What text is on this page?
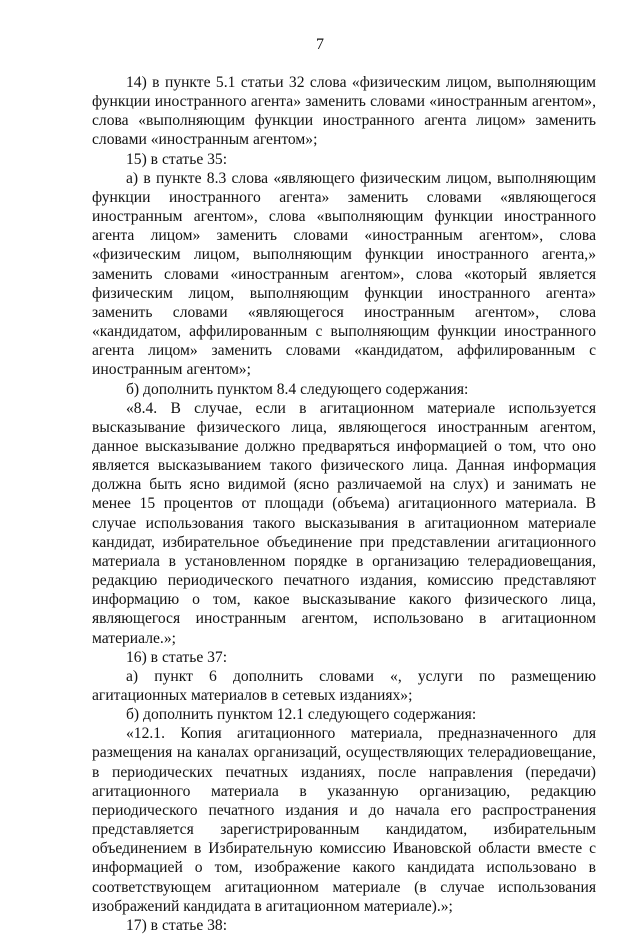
7

14) в пункте 5.1 статьи 32 слова «физическим лицом, выполняющим функции иностранного агента» заменить словами «иностранным агентом», слова «выполняющим функции иностранного агента лицом» заменить словами «иностранным агентом»;

15) в статье 35:

а) в пункте 8.3 слова «являющего физическим лицом, выполняющим функции иностранного агента» заменить словами «являющегося иностранным агентом», слова «выполняющим функции иностранного агента лицом» заменить словами «иностранным агентом», слова «физическим лицом, выполняющим функции иностранного агента,» заменить словами «иностранным агентом», слова «который является физическим лицом, выполняющим функции иностранного агента» заменить словами «являющегося иностранным агентом», слова «кандидатом, аффилированным с выполняющим функции иностранного агента лицом» заменить словами «кандидатом, аффилированным с иностранным агентом»;

б) дополнить пунктом 8.4 следующего содержания:

«8.4. В случае, если в агитационном материале используется высказывание физического лица, являющегося иностранным агентом, данное высказывание должно предваряться информацией о том, что оно является высказыванием такого физического лица. Данная информация должна быть ясно видимой (ясно различаемой на слух) и занимать не менее 15 процентов от площади (объема) агитационного материала. В случае использования такого высказывания в агитационном материале кандидат, избирательное объединение при представлении агитационного материала в установленном порядке в организацию телерадиовещания, редакцию периодического печатного издания, комиссию представляют информацию о том, какое высказывание какого физического лица, являющегося иностранным агентом, использовано в агитационном материале.»;

16) в статье 37:

а) пункт 6 дополнить словами «, услуги по размещению агитационных материалов в сетевых изданиях»;

б) дополнить пунктом 12.1 следующего содержания:

«12.1. Копия агитационного материала, предназначенного для размещения на каналах организаций, осуществляющих телерадиовещание, в периодических печатных изданиях, после направления (передачи) агитационного материала в указанную организацию, редакцию периодического печатного издания и до начала его распространения представляется зарегистрированным кандидатом, избирательным объединением в Избирательную комиссию Ивановской области вместе с информацией о том, изображение какого кандидата использовано в соответствующем агитационном материале (в случае использования изображений кандидата в агитационном материале).»;

17) в статье 38:
